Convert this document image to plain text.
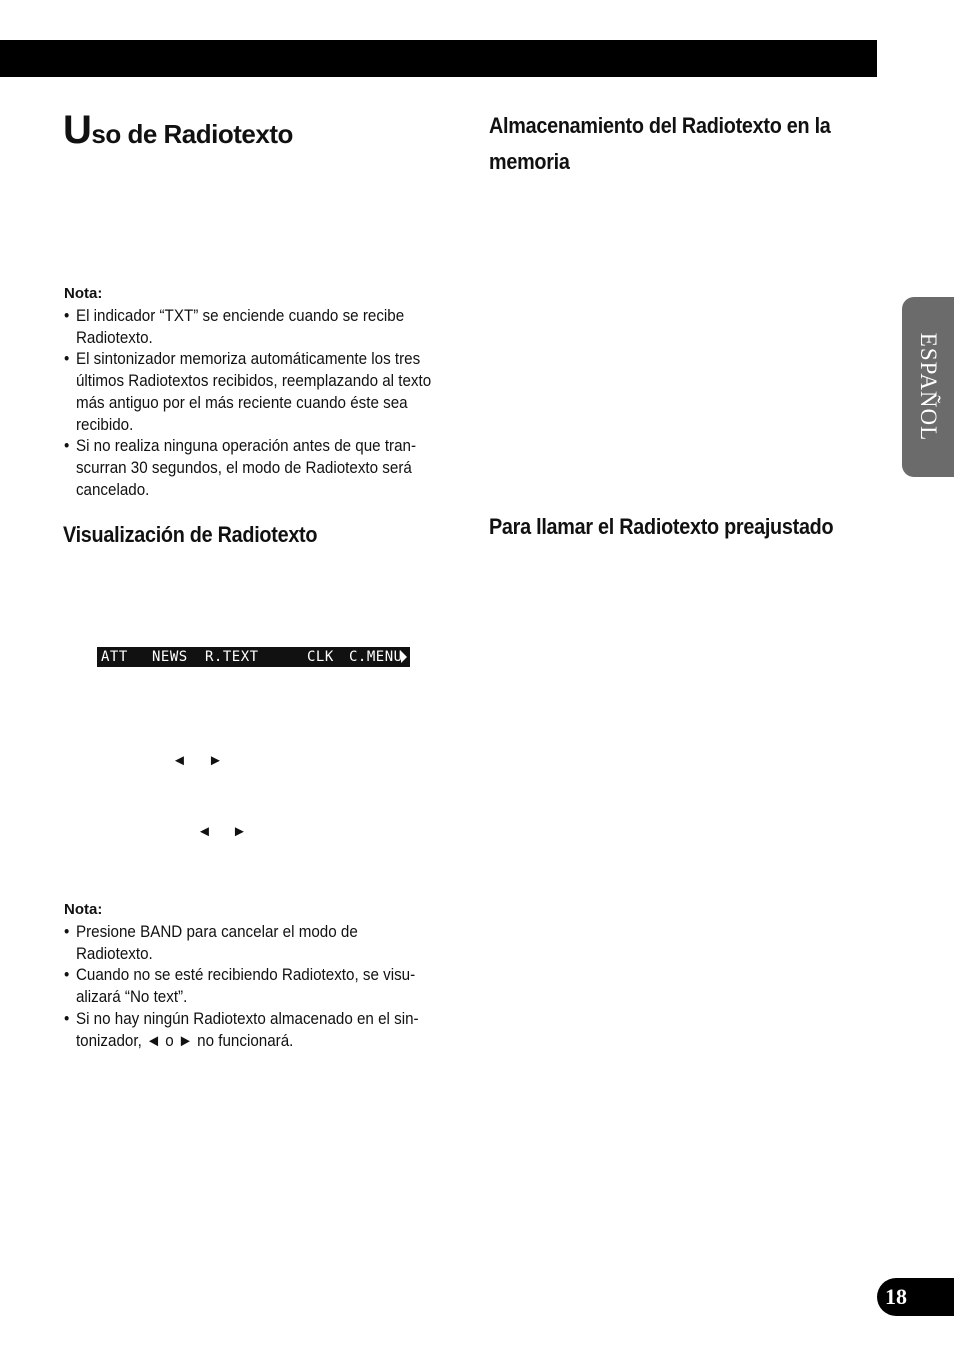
Uso de Radiotexto
Nota:
• El indicador “TXT” se enciende cuando se recibe Radiotexto.
• El sintonizador memoriza automáticamente los tres últimos Radiotextos recibidos, reemplazando al texto más antiguo por el más reciente cuando éste sea recibido.
• Si no realiza ninguna operación antes de que tran-scurran 30 segundos, el modo de Radiotexto será cancelado.
Visualización de Radiotexto
ATT NEWS R.TEXT	CLK C.MENU
◄ ►
◄ ►
Nota:
• Presione BAND para cancelar el modo de Radiotexto.
• Cuando no se esté recibiendo Radiotexto, se visu-alizará “No text”.
• Si no hay ningún Radiotexto almacenado en el sin-tonizador, ◄ o ► no funcionará.
Almacenamiento del Radiotexto en la memoria
Para llamar el Radiotexto preajustado
ESPAÑOL
18
